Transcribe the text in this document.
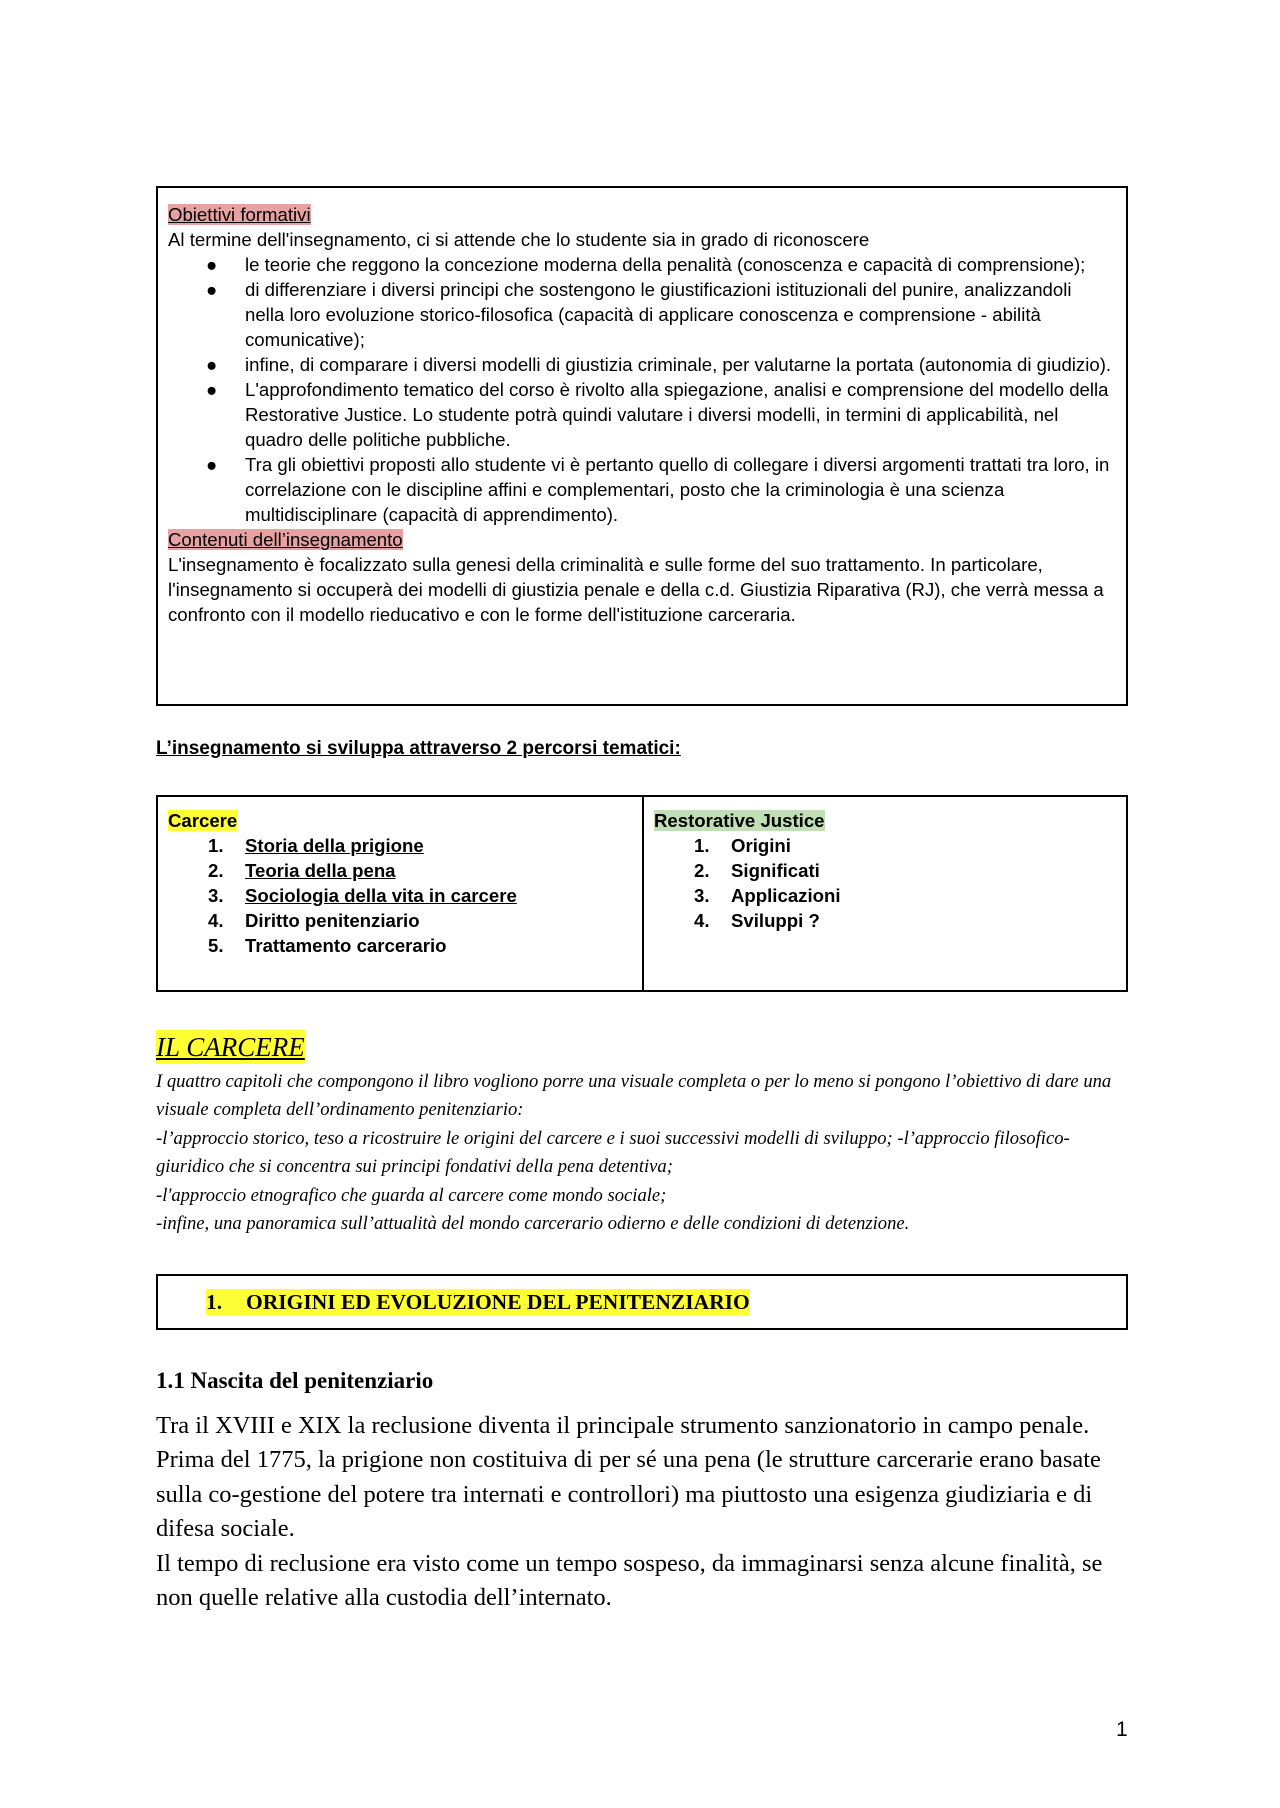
Obiettivi formativi

Al termine dell'insegnamento, ci si attende che lo studente sia in grado di riconoscere

● le teorie che reggono la concezione moderna della penalità (conoscenza e capacità di comprensione);
● di differenziare i diversi principi che sostengono le giustificazioni istituzionali del punire, analizzandoli nella loro evoluzione storico-filosofica (capacità di applicare conoscenza e comprensione - abilità comunicative);
● infine, di comparare i diversi modelli di giustizia criminale, per valutarne la portata (autonomia di giudizio).
● L'approfondimento tematico del corso è rivolto alla spiegazione, analisi e comprensione del modello della Restorative Justice. Lo studente potrà quindi valutare i diversi modelli, in termini di applicabilità, nel quadro delle politiche pubbliche.
● Tra gli obiettivi proposti allo studente vi è pertanto quello di collegare i diversi argomenti trattati tra loro, in correlazione con le discipline affini e complementari, posto che la criminologia è una scienza multidisciplinare (capacità di apprendimento).
Contenuti dell’insegnamento

L'insegnamento è focalizzato sulla genesi della criminalità e sulle forme del suo trattamento. In particolare, l'insegnamento si occuperà dei modelli di giustizia penale e della c.d. Giustizia Riparativa (RJ), che verrà messa a confronto con il modello rieducativo e con le forme dell'istituzione carceraria.

L’insegnamento si sviluppa attraverso 2 percorsi tematici:
Carcere
1. Storia della prigione
2. Teoria della pena
3. Sociologia della vita in carcere
4. Diritto penitenziario
5. Trattamento carcerario
Restorative Justice
1. Origini
2. Significati
3. Applicazioni
4. Sviluppi ?
IL CARCERE

I quattro capitoli che compongono il libro vogliono porre una visuale completa o per lo meno si pongono l’obiettivo di dare una visuale completa dell’ordinamento penitenziario:

-l’approccio storico, teso a ricostruire le origini del carcere e i suoi successivi modelli di sviluppo; -l’approccio filosofico-giuridico che si concentra sui principi fondativi della pena detentiva;

-l'approccio etnografico che guarda al carcere come mondo sociale;

-infine, una panoramica sull’attualità del mondo carcerario odierno e delle condizioni di detenzione.

1. ORIGINI ED EVOLUZIONE DEL PENITENZIARIO
1.1 Nascita del penitenziario

Tra il XVIII e XIX la reclusione diventa il principale strumento sanzionatorio in campo penale.

Prima del 1775, la prigione non costituiva di per sé una pena (le strutture carcerarie erano basate sulla co-gestione del potere tra internati e controllori) ma piuttosto una esigenza giudiziaria e di difesa sociale.

Il tempo di reclusione era visto come un tempo sospeso, da immaginarsi senza alcune finalità, se non quelle relative alla custodia dell’internato.

1
